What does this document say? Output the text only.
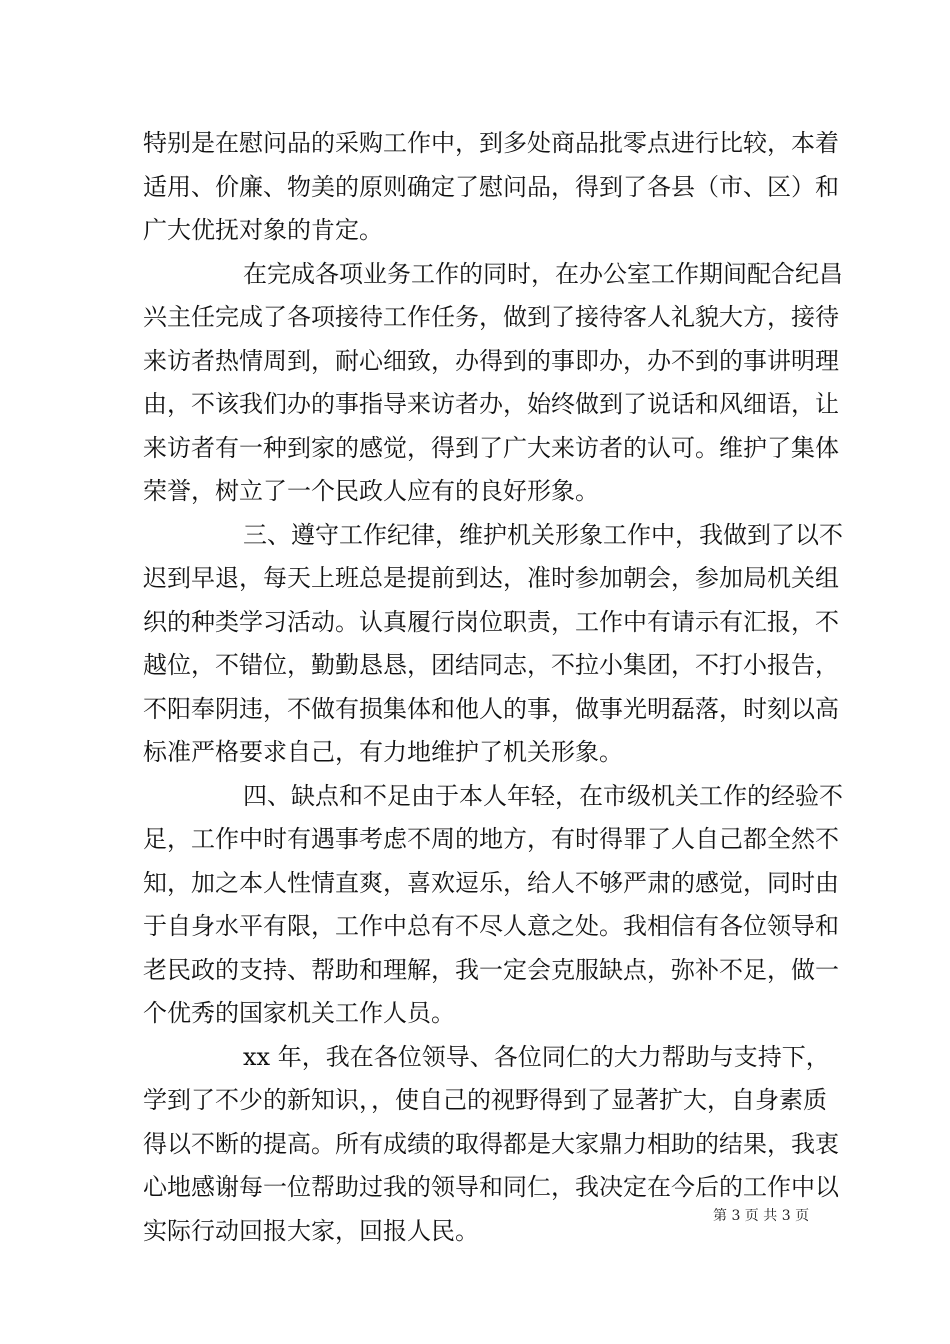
特别是在慰问品的采购工作中，到多处商品批零点进行比较，本着
适用、价廉、物美的原则确定了慰问品，得到了各县（市、区）和
广大优抚对象的肯定。
在完成各项业务工作的同时，在办公室工作期间配合纪昌
兴主任完成了各项接待工作任务，做到了接待客人礼貌大方，接待
来访者热情周到，耐心细致，办得到的事即办，办不到的事讲明理
由，不该我们办的事指导来访者办，始终做到了说话和风细语，让
来访者有一种到家的感觉，得到了广大来访者的认可。维护了集体
荣誉，树立了一个民政人应有的良好形象。
三、遵守工作纪律，维护机关形象工作中，我做到了以不
迟到早退，每天上班总是提前到达，准时参加朝会，参加局机关组
织的种类学习活动。认真履行岗位职责，工作中有请示有汇报，不
越位，不错位，勤勤恳恳，团结同志，不拉小集团，不打小报告，
不阳奉阴违，不做有损集体和他人的事，做事光明磊落，时刻以高
标准严格要求自己，有力地维护了机关形象。
四、缺点和不足由于本人年轻，在市级机关工作的经验不
足，工作中时有遇事考虑不周的地方，有时得罪了人自己都全然不
知，加之本人性情直爽，喜欢逗乐，给人不够严肃的感觉，同时由
于自身水平有限，工作中总有不尽人意之处。我相信有各位领导和
老民政的支持、帮助和理解，我一定会克服缺点，弥补不足，做一
个优秀的国家机关工作人员。
xx 年，我在各位领导、各位同仁的大力帮助与支持下，
学到了不少的新知识，，使自己的视野得到了显著扩大，自身素质
得以不断的提高。所有成绩的取得都是大家鼎力相助的结果，我衷
心地感谢每一位帮助过我的领导和同仁，我决定在今后的工作中以
实际行动回报大家，回报人民。
第 3 页 共 3 页
